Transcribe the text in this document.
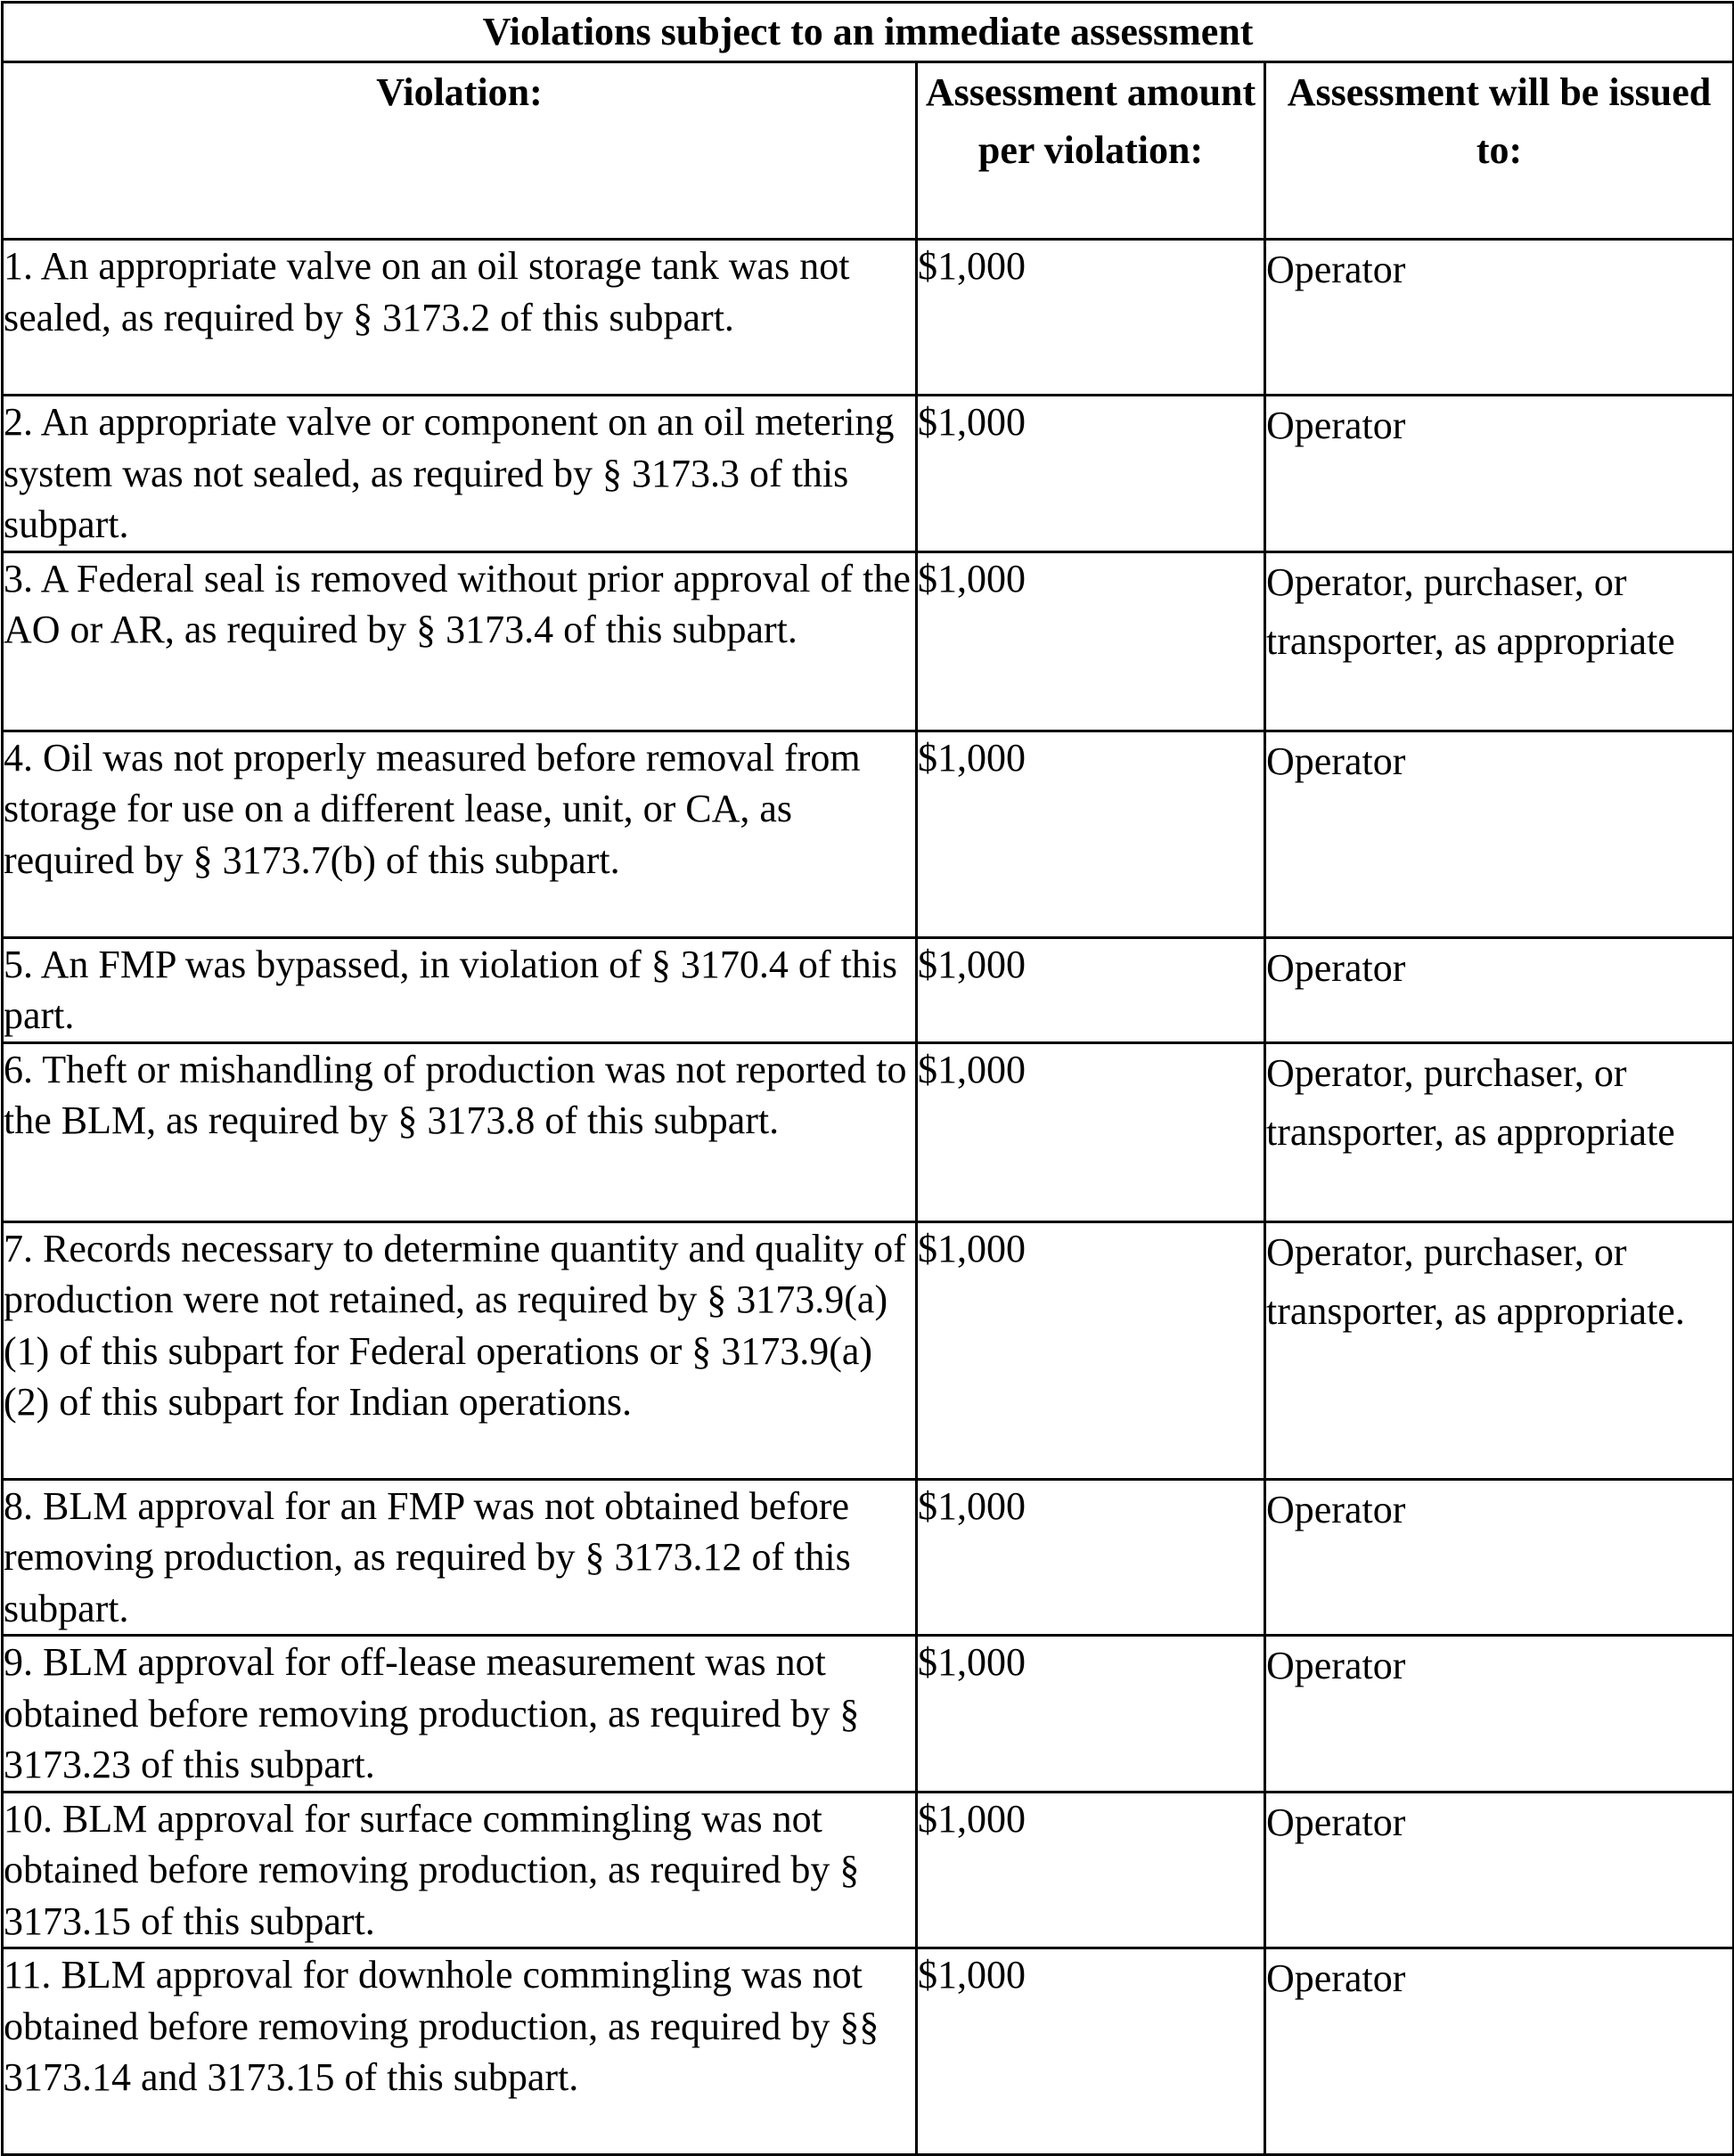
Violations subject to an immediate assessment		
Violation:	Assessment amount per violation:	Assessment will be issued to:
1. An appropriate valve on an oil storage tank was not sealed, as required by § 3173.2 of this subpart.	$1,000	Operator
2. An appropriate valve or component on an oil metering system was not sealed, as required by § 3173.3 of this subpart.	$1,000	Operator
3. A Federal seal is removed without prior approval of the AO or AR, as required by § 3173.4 of this subpart.	$1,000	Operator, purchaser, or transporter, as appropriate
4. Oil was not properly measured before removal from storage for use on a different lease, unit, or CA, as required by § 3173.7(b) of this subpart.	$1,000	Operator
5. An FMP was bypassed, in violation of § 3170.4 of this part.	$1,000	Operator
6. Theft or mishandling of production was not reported to the BLM, as required by § 3173.8 of this subpart.	$1,000	Operator, purchaser, or transporter, as appropriate
7. Records necessary to determine quantity and quality of production were not retained, as required by § 3173.9(a)(1) of this subpart for Federal operations or § 3173.9(a)(2) of this subpart for Indian operations.	$1,000	Operator, purchaser, or transporter, as appropriate.
8. BLM approval for an FMP was not obtained before removing production, as required by § 3173.12 of this subpart.	$1,000	Operator
9. BLM approval for off-lease measurement was not obtained before removing production, as required by § 3173.23 of this subpart.	$1,000	Operator
10. BLM approval for surface commingling was not obtained before removing production, as required by § 3173.15 of this subpart.	$1,000	Operator
11. BLM approval for downhole commingling was not obtained before removing production, as required by §§ 3173.14 and 3173.15 of this subpart.	$1,000	Operator
